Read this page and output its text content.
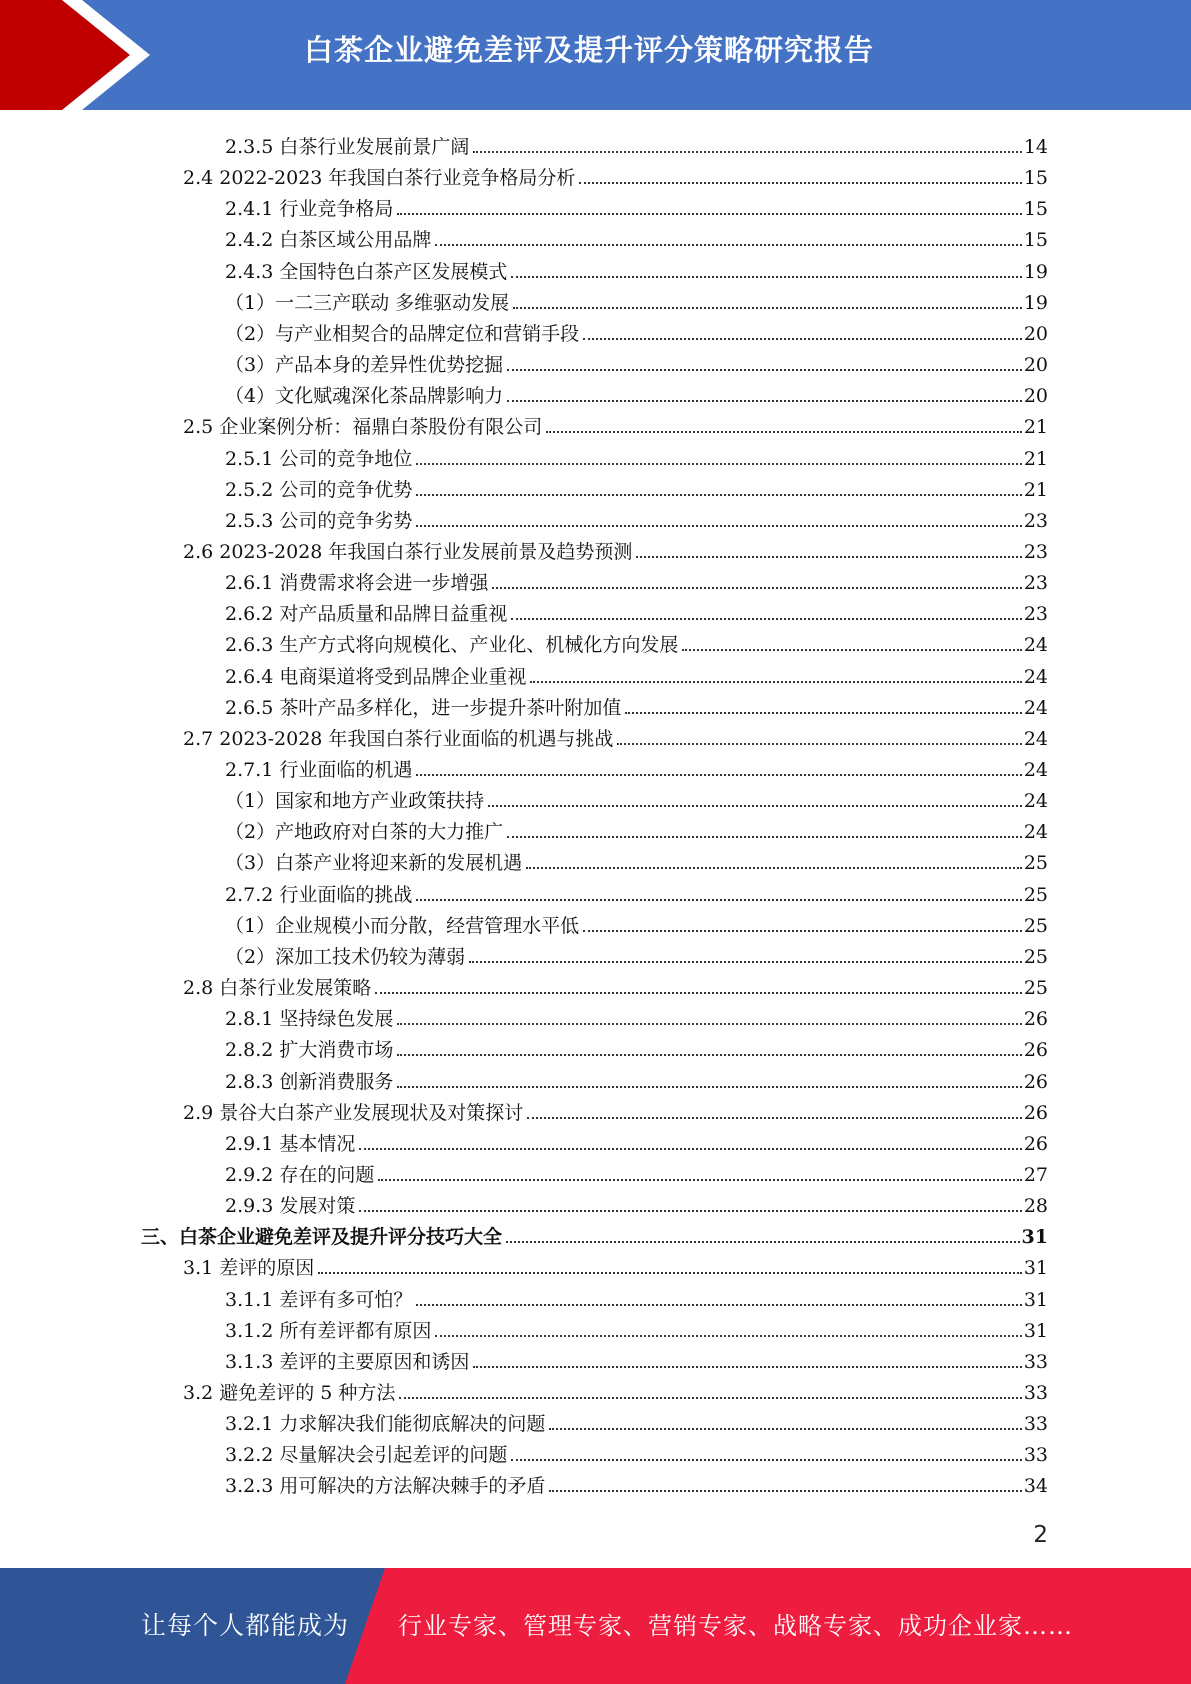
白茶企业避免差评及提升评分策略研究报告
2.3.5 白茶行业发展前景广阔	14
2.4 2022-2023 年我国白茶行业竞争格局分析	15
2.4.1 行业竞争格局	15
2.4.2 白茶区域公用品牌	15
2.4.3 全国特色白茶产区发展模式	19
（1）一二三产联动 多维驱动发展	19
（2）与产业相契合的品牌定位和营销手段	20
（3）产品本身的差异性优势挖掘	20
（4）文化赋魂深化茶品牌影响力	20
2.5 企业案例分析：福鼎白茶股份有限公司	21
2.5.1 公司的竞争地位	21
2.5.2 公司的竞争优势	21
2.5.3 公司的竞争劣势	23
2.6 2023-2028 年我国白茶行业发展前景及趋势预测	23
2.6.1 消费需求将会进一步增强	23
2.6.2 对产品质量和品牌日益重视	23
2.6.3 生产方式将向规模化、产业化、机械化方向发展	24
2.6.4 电商渠道将受到品牌企业重视	24
2.6.5 茶叶产品多样化，进一步提升茶叶附加值	24
2.7 2023-2028 年我国白茶行业面临的机遇与挑战	24
2.7.1 行业面临的机遇	24
（1）国家和地方产业政策扶持	24
（2）产地政府对白茶的大力推广	24
（3）白茶产业将迎来新的发展机遇	25
2.7.2 行业面临的挑战	25
（1）企业规模小而分散，经营管理水平低	25
（2）深加工技术仍较为薄弱	25
2.8 白茶行业发展策略	25
2.8.1 坚持绿色发展	26
2.8.2 扩大消费市场	26
2.8.3 创新消费服务	26
2.9 景谷大白茶产业发展现状及对策探讨	26
2.9.1 基本情况	26
2.9.2 存在的问题	27
2.9.3 发展对策	28
三、白茶企业避免差评及提升评分技巧大全	31
3.1 差评的原因	31
3.1.1 差评有多可怕？	31
3.1.2 所有差评都有原因	31
3.1.3 差评的主要原因和诱因	33
3.2 避免差评的 5 种方法	33
3.2.1 力求解决我们能彻底解决的问题	33
3.2.2 尽量解决会引起差评的问题	33
3.2.3 用可解决的方法解决棘手的矛盾	34
2
让每个人都能成为 行业专家、管理专家、营销专家、战略专家、成功企业家……
